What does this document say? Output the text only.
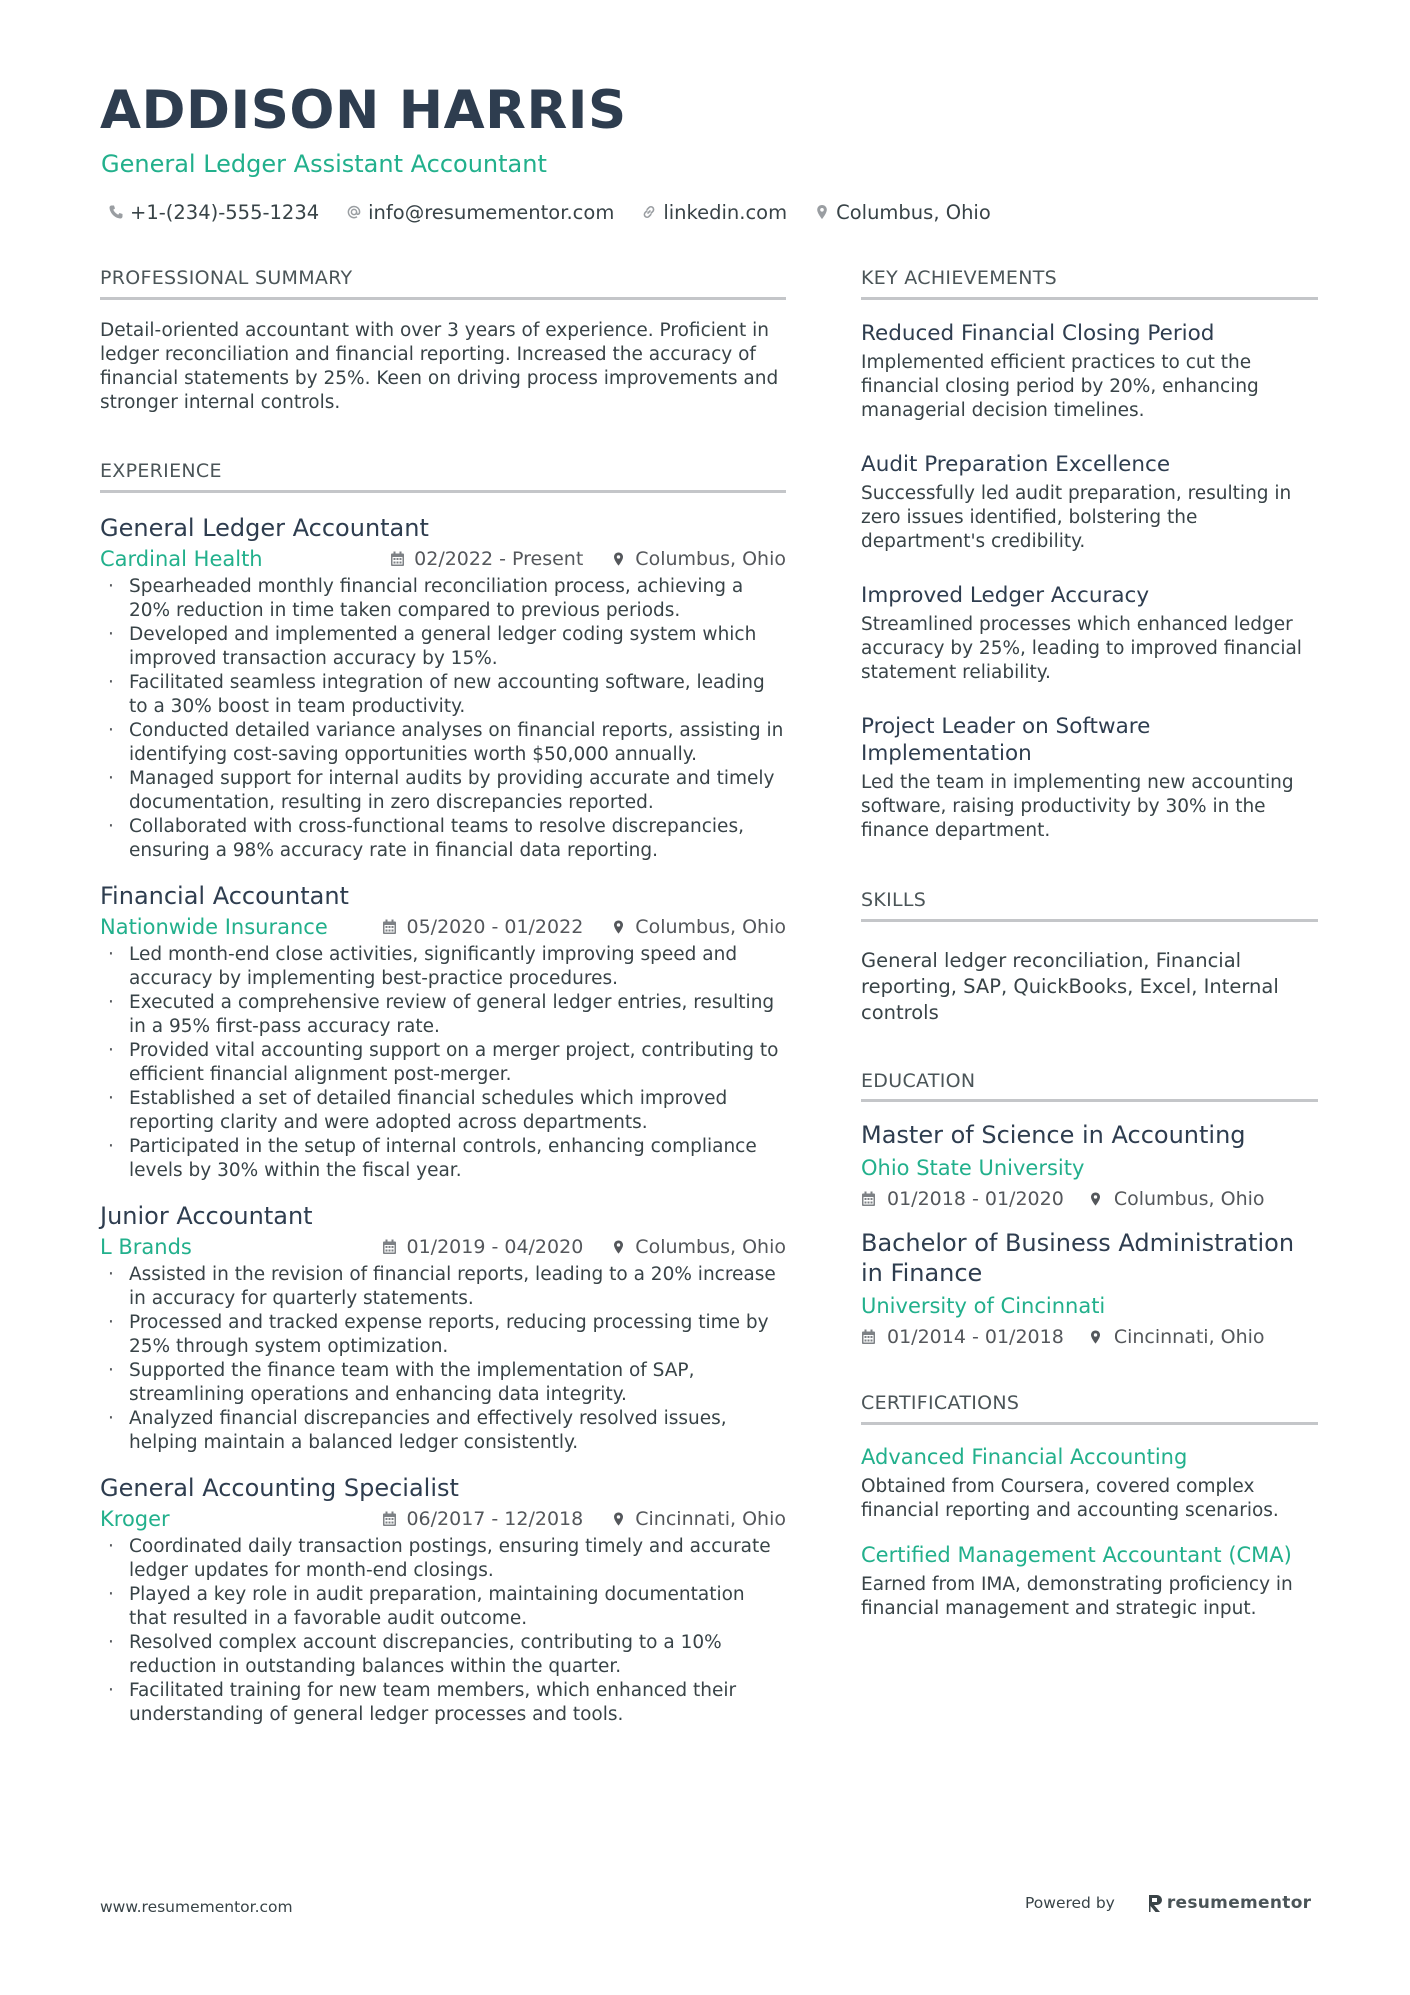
ADDISON HARRIS
General Ledger Assistant Accountant
+1-(234)-555-1234	info@resumementor.com	linkedin.com	Columbus, Ohio
PROFESSIONAL SUMMARY

Detail-oriented accountant with over 3 years of experience. Proficient in ledger reconciliation and financial reporting. Increased the accuracy of financial statements by 25%. Keen on driving process improvements and stronger internal controls.

EXPERIENCE
General Ledger Accountant
Cardinal Health	02/2022 - Present	Columbus, Ohio
· Spearheaded monthly financial reconciliation process, achieving a 20% reduction in time taken compared to previous periods.
· Developed and implemented a general ledger coding system which improved transaction accuracy by 15%.
· Facilitated seamless integration of new accounting software, leading to a 30% boost in team productivity.
· Conducted detailed variance analyses on financial reports, assisting in identifying cost-saving opportunities worth $50,000 annually.
· Managed support for internal audits by providing accurate and timely documentation, resulting in zero discrepancies reported.
· Collaborated with cross-functional teams to resolve discrepancies, ensuring a 98% accuracy rate in financial data reporting.
Financial Accountant
Nationwide Insurance	05/2020 - 01/2022	Columbus, Ohio
· Led month-end close activities, significantly improving speed and accuracy by implementing best-practice procedures.
· Executed a comprehensive review of general ledger entries, resulting in a 95% first-pass accuracy rate.
· Provided vital accounting support on a merger project, contributing to efficient financial alignment post-merger.
· Established a set of detailed financial schedules which improved reporting clarity and were adopted across departments.
· Participated in the setup of internal controls, enhancing compliance levels by 30% within the fiscal year.
Junior Accountant
L Brands	01/2019 - 04/2020	Columbus, Ohio
· Assisted in the revision of financial reports, leading to a 20% increase in accuracy for quarterly statements.
· Processed and tracked expense reports, reducing processing time by 25% through system optimization.
· Supported the finance team with the implementation of SAP, streamlining operations and enhancing data integrity.
· Analyzed financial discrepancies and effectively resolved issues, helping maintain a balanced ledger consistently.
General Accounting Specialist
Kroger	06/2017 - 12/2018	Cincinnati, Ohio
· Coordinated daily transaction postings, ensuring timely and accurate ledger updates for month-end closings.
· Played a key role in audit preparation, maintaining documentation that resulted in a favorable audit outcome.
· Resolved complex account discrepancies, contributing to a 10% reduction in outstanding balances within the quarter.
· Facilitated training for new team members, which enhanced their understanding of general ledger processes and tools.
KEY ACHIEVEMENTS
Reduced Financial Closing Period
Implemented efficient practices to cut the financial closing period by 20%, enhancing managerial decision timelines.
Audit Preparation Excellence
Successfully led audit preparation, resulting in zero issues identified, bolstering the department's credibility.
Improved Ledger Accuracy
Streamlined processes which enhanced ledger accuracy by 25%, leading to improved financial statement reliability.
Project Leader on Software Implementation
Led the team in implementing new accounting software, raising productivity by 30% in the finance department.
SKILLS

General ledger reconciliation, Financial reporting, SAP, QuickBooks, Excel, Internal controls

EDUCATION
Master of Science in Accounting
Ohio State University
01/2018 - 01/2020	Columbus, Ohio
Bachelor of Business Administration in Finance
University of Cincinnati
01/2014 - 01/2018	Cincinnati, Ohio
CERTIFICATIONS
Advanced Financial Accounting
Obtained from Coursera, covered complex financial reporting and accounting scenarios.
Certified Management Accountant (CMA)
Earned from IMA, demonstrating proficiency in financial management and strategic input.
www.resumementor.com	Powered by	resumementor
